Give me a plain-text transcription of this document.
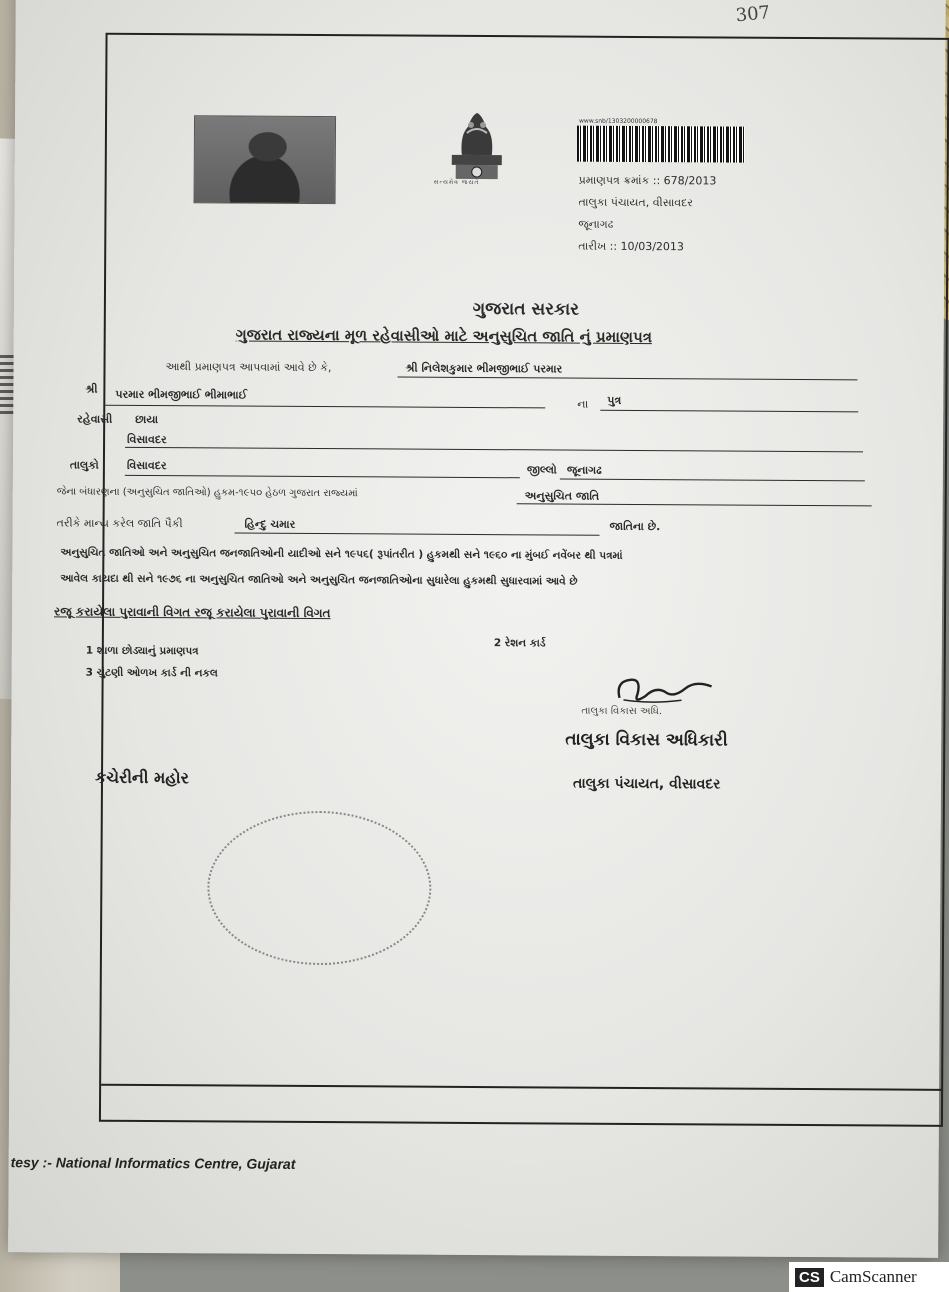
307
સત્યમેવ જયતે
www.snb/1303200000678
પ્રમાણપત્ર ક્રમાંક :: 678/2013
તાલુકા પંચાયત, વીસાવદર
જૂનાગઢ
તારીખ :: 10/03/2013
ગુજરાત સરકાર
ગુજરાત રાજ્યના મૂળ રહેવાસીઓ માટે અનુસુચિત જાતિ નું પ્રમાણપત્ર
આથી પ્રમાણપત્ર આપવામાં આવે છે કે,	શ્રી નિલેશકુમાર ભીમજીભાઈ પરમાર
શ્રી પરમાર ભીમજીભાઈ ભીમાભાઈ
ના પુત્ર
રહેવાસી છાયા
વિસાવદર
તાલુકો	વિસાવદર	જીલ્લો જૂનાગઢ
જેના બંધારણના (અનુસુચિત જાતિઓ) હુકમ-૧૯૫૦ હેઠળ ગુજરાત રાજ્યમાં	અનુસુચિત જાતિ
તરીકે માન્ય કરેલ જાતિ પૈકી	હિન્દુ ચમાર	જાતિના છે.
અનુસુચિત જાતિઓ અને અનુસુચિત જનજાતિઓની યાદીઓ સને ૧૯૫૬( રૂપાંતરીત ) હુકમથી સને ૧૯૬૦ ના મુંબઈ નવેંબર થી પત્રમાં
આવેલ કાયદા થી સને ૧૯૭૬ ના અનુસુચિત જાતિઓ અને અનુસુચિત જનજાતિઓના સુધારેલા હુકમથી સુધારવામાં આવે છે
રજૂ કરાયેલા પુરાવાની વિગત રજૂ કરાયેલા પુરાવાની વિગત
1 શાળા છોડ્યાનું પ્રમાણપત્ર
2 રેશન કાર્ડ
3 ચુંટણી ઓળખ કાર્ડ ની નકલ
તાલુકા વિકાસ અધિ.
તાલુકા વિકાસ અધિકારી
તાલુકા પંચાયત, વીસાવદર
કચેરીની મહોર
tesy :- National Informatics Centre, Gujarat
CS CamScanner
